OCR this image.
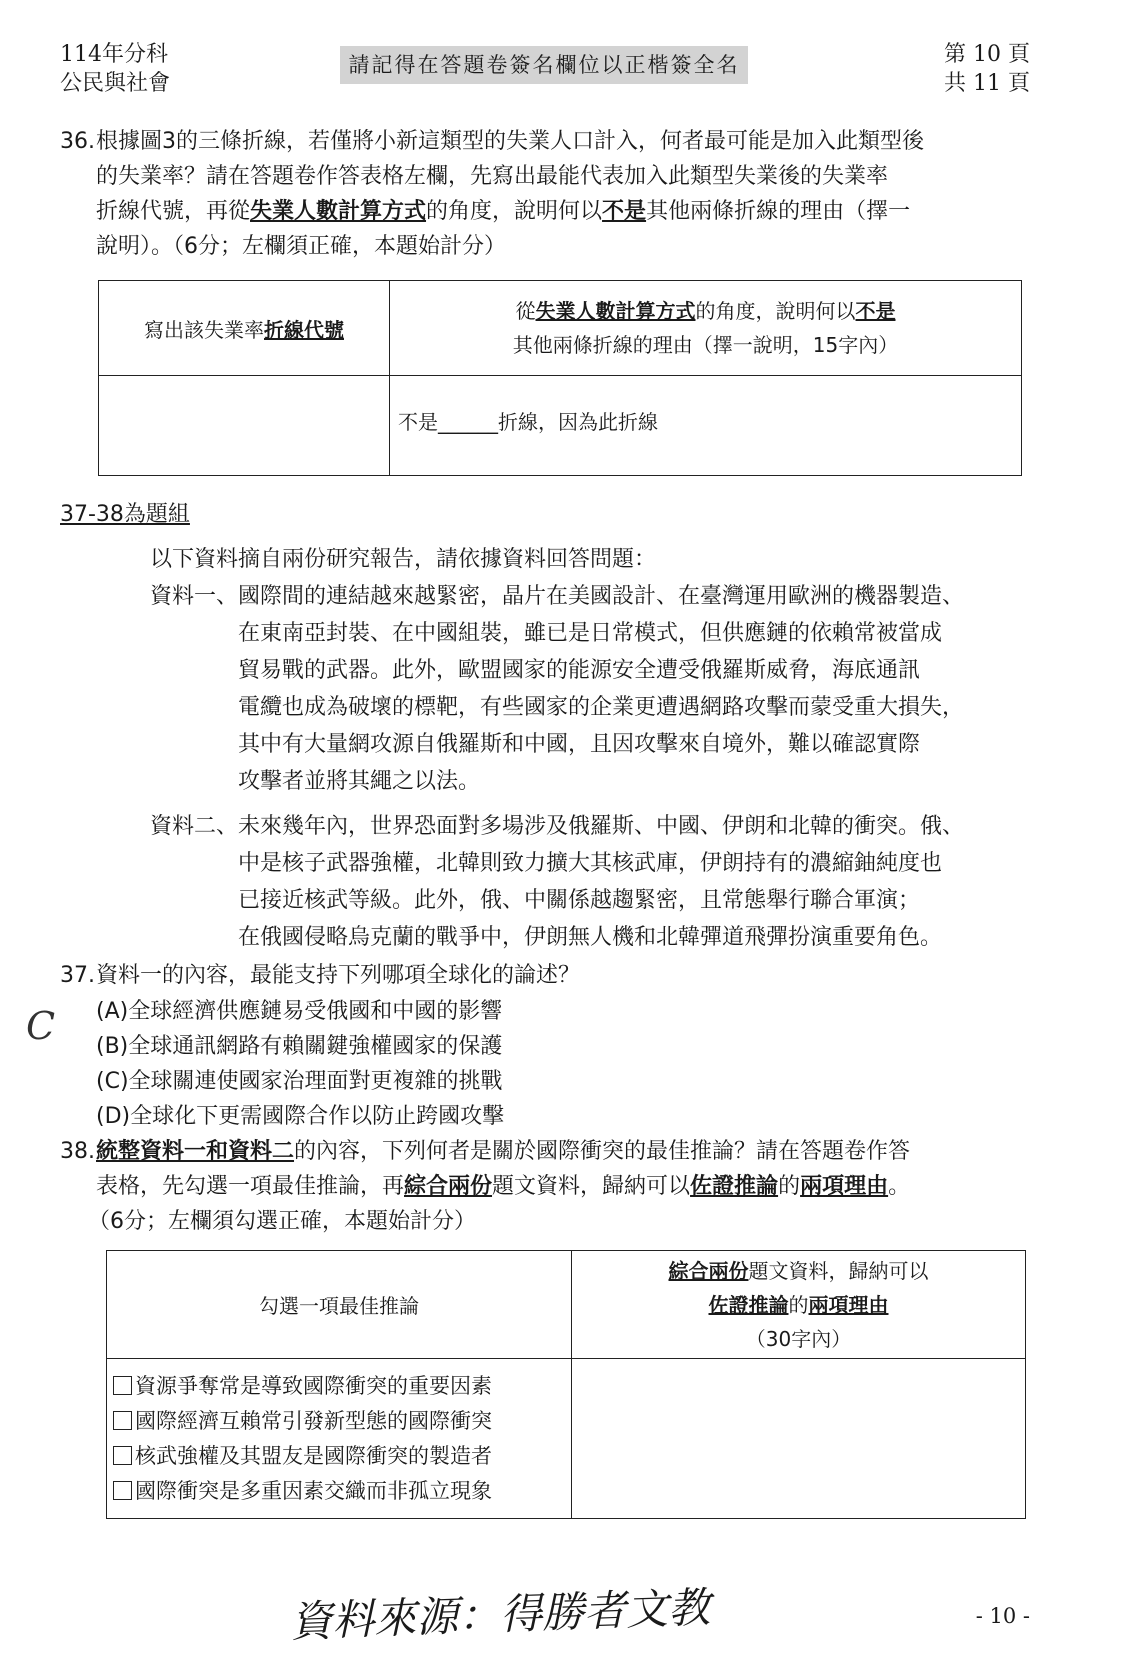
114年分科
公民與社會
請記得在答題卷簽名欄位以正楷簽全名	第 10 頁
共 11 頁
36.根據圖3的三條折線，若僅將小新這類型的失業人口計入，何者最可能是加入此類型後
的失業率？請在答題卷作答表格左欄，先寫出最能代表加入此類型失業後的失業率
折線代號，再從失業人數計算方式的角度，說明何以不是其他兩條折線的理由（擇一
說明）。（6分；左欄須正確，本題始計分）
寫出該失業率折線代號	從失業人數計算方式的角度，說明何以不是
其他兩條折線的理由（擇一說明，15字內）

	不是______折線，因為此折線
37-38為題組
以下資料摘自兩份研究報告，請依據資料回答問題：
資料一、國際間的連結越來越緊密，晶片在美國設計、在臺灣運用歐洲的機器製造、
在東南亞封裝、在中國組裝，雖已是日常模式，但供應鏈的依賴常被當成
貿易戰的武器。此外，歐盟國家的能源安全遭受俄羅斯威脅，海底通訊
電纜也成為破壞的標靶，有些國家的企業更遭遇網路攻擊而蒙受重大損失，
其中有大量網攻源自俄羅斯和中國，且因攻擊來自境外，難以確認實際
攻擊者並將其繩之以法。
資料二、未來幾年內，世界恐面對多場涉及俄羅斯、中國、伊朗和北韓的衝突。俄、
中是核子武器強權，北韓則致力擴大其核武庫，伊朗持有的濃縮鈾純度也
已接近核武等級。此外，俄、中關係越趨緊密，且常態舉行聯合軍演；
在俄國侵略烏克蘭的戰爭中，伊朗無人機和北韓彈道飛彈扮演重要角色。
37.資料一的內容，最能支持下列哪項全球化的論述？
C (A)全球經濟供應鏈易受俄國和中國的影響
(B)全球通訊網路有賴關鍵強權國家的保護
(C)全球關連使國家治理面對更複雜的挑戰
(D)全球化下更需國際合作以防止跨國攻擊
38.統整資料一和資料二的內容，下列何者是關於國際衝突的最佳推論？請在答題卷作答
表格，先勾選一項最佳推論，再綜合兩份題文資料，歸納可以佐證推論的兩項理由。
（6分；左欄須勾選正確，本題始計分）
勾選一項最佳推論	綜合兩份題文資料，歸納可以
佐證推論的兩項理由
（30字內）

資源爭奪常是導致國際衝突的重要因素
國際經濟互賴常引發新型態的國際衝突
核武強權及其盟友是國際衝突的製造者
國際衝突是多重因素交織而非孤立現象	

資料來源：得勝者文教	- 10 -
